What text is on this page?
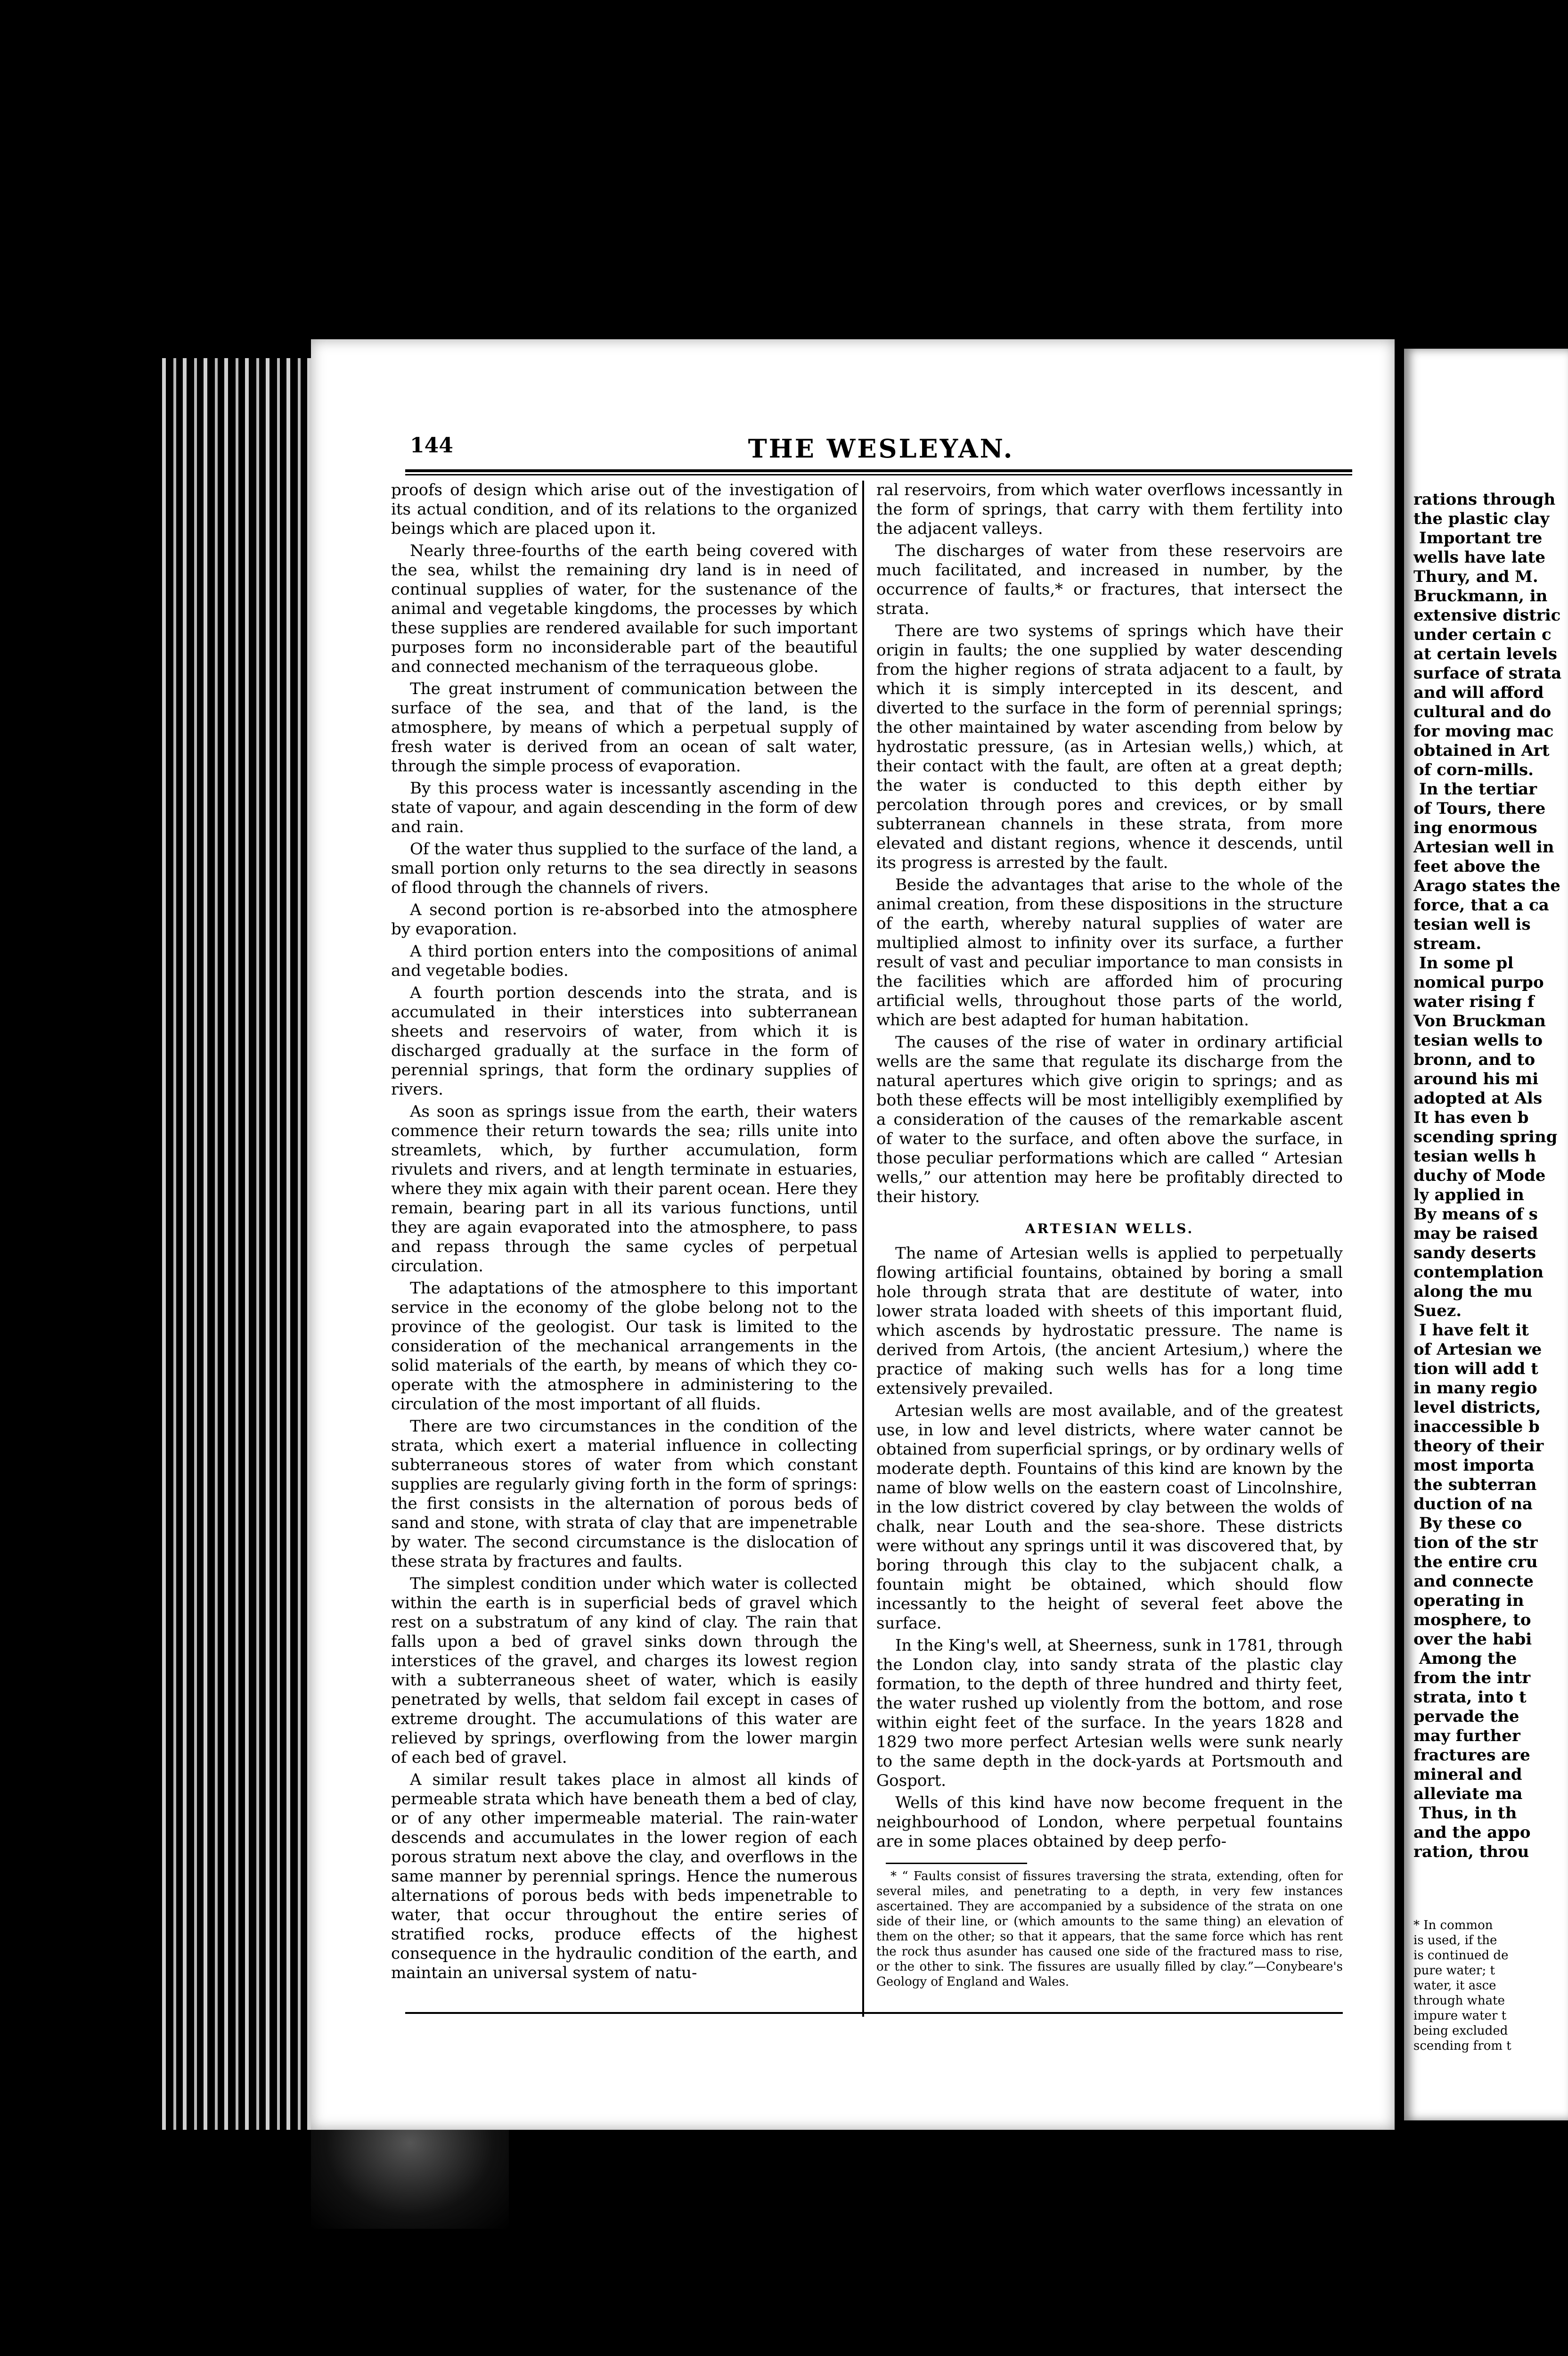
144	THE WESLEYAN.

proofs of design which arise out of the investigation of its actual condition, and of its relations to the organized beings which are placed upon it.

Nearly three-fourths of the earth being covered with the sea, whilst the remaining dry land is in need of continual supplies of water, for the sustenance of the animal and vegetable kingdoms, the processes by which these supplies are rendered available for such important purposes form no inconsiderable part of the beautiful and connected mechanism of the terraqueous globe.

The great instrument of communication between the surface of the sea, and that of the land, is the atmosphere, by means of which a perpetual supply of fresh water is derived from an ocean of salt water, through the simple process of evaporation.

By this process water is incessantly ascending in the state of vapour, and again descending in the form of dew and rain.

Of the water thus supplied to the surface of the land, a small portion only returns to the sea directly in seasons of flood through the channels of rivers.

A second portion is re-absorbed into the atmosphere by evaporation.

A third portion enters into the compositions of animal and vegetable bodies.

A fourth portion descends into the strata, and is accumulated in their interstices into subterranean sheets and reservoirs of water, from which it is discharged gradually at the surface in the form of perennial springs, that form the ordinary supplies of rivers.

As soon as springs issue from the earth, their waters commence their return towards the sea; rills unite into streamlets, which, by further accumulation, form rivulets and rivers, and at length terminate in estuaries, where they mix again with their parent ocean. Here they remain, bearing part in all its various functions, until they are again evaporated into the atmosphere, to pass and repass through the same cycles of perpetual circulation.

The adaptations of the atmosphere to this important service in the economy of the globe belong not to the province of the geologist. Our task is limited to the consideration of the mechanical arrangements in the solid materials of the earth, by means of which they co-operate with the atmosphere in administering to the circulation of the most important of all fluids.

There are two circumstances in the condition of the strata, which exert a material influence in collecting subterraneous stores of water from which constant supplies are regularly giving forth in the form of springs: the first consists in the alternation of porous beds of sand and stone, with strata of clay that are impenetrable by water. The second circumstance is the dislocation of these strata by fractures and faults.

The simplest condition under which water is collected within the earth is in superficial beds of gravel which rest on a substratum of any kind of clay. The rain that falls upon a bed of gravel sinks down through the interstices of the gravel, and charges its lowest region with a subterraneous sheet of water, which is easily penetrated by wells, that seldom fail except in cases of extreme drought. The accumulations of this water are relieved by springs, overflowing from the lower margin of each bed of gravel.

A similar result takes place in almost all kinds of permeable strata which have beneath them a bed of clay, or of any other impermeable material. The rain-water descends and accumulates in the lower region of each porous stratum next above the clay, and overflows in the same manner by perennial springs. Hence the numerous alternations of porous beds with beds impenetrable to water, that occur throughout the entire series of stratified rocks, produce effects of the highest consequence in the hydraulic condition of the earth, and maintain an universal system of natu-

ral reservoirs, from which water overflows incessantly in the form of springs, that carry with them fertility into the adjacent valleys.

The discharges of water from these reservoirs are much facilitated, and increased in number, by the occurrence of faults,* or fractures, that intersect the strata.

There are two systems of springs which have their origin in faults; the one supplied by water descending from the higher regions of strata adjacent to a fault, by which it is simply intercepted in its descent, and diverted to the surface in the form of perennial springs; the other maintained by water ascending from below by hydrostatic pressure, (as in Artesian wells,) which, at their contact with the fault, are often at a great depth; the water is conducted to this depth either by percolation through pores and crevices, or by small subterranean channels in these strata, from more elevated and distant regions, whence it descends, until its progress is arrested by the fault.

Beside the advantages that arise to the whole of the animal creation, from these dispositions in the structure of the earth, whereby natural supplies of water are multiplied almost to infinity over its surface, a further result of vast and peculiar importance to man consists in the facilities which are afforded him of procuring artificial wells, throughout those parts of the world, which are best adapted for human habitation.

The causes of the rise of water in ordinary artificial wells are the same that regulate its discharge from the natural apertures which give origin to springs; and as both these effects will be most intelligibly exemplified by a consideration of the causes of the remarkable ascent of water to the surface, and often above the surface, in those peculiar performations which are called “ Artesian wells,” our attention may here be profitably directed to their history.

ARTESIAN WELLS.

The name of Artesian wells is applied to perpetually flowing artificial fountains, obtained by boring a small hole through strata that are destitute of water, into lower strata loaded with sheets of this important fluid, which ascends by hydrostatic pressure. The name is derived from Artois, (the ancient Artesium,) where the practice of making such wells has for a long time extensively prevailed.

Artesian wells are most available, and of the greatest use, in low and level districts, where water cannot be obtained from superficial springs, or by ordinary wells of moderate depth. Fountains of this kind are known by the name of blow wells on the eastern coast of Lincolnshire, in the low district covered by clay between the wolds of chalk, near Louth and the sea-shore. These districts were without any springs until it was discovered that, by boring through this clay to the subjacent chalk, a fountain might be obtained, which should flow incessantly to the height of several feet above the surface.

In the King's well, at Sheerness, sunk in 1781, through the London clay, into sandy strata of the plastic clay formation, to the depth of three hundred and thirty feet, the water rushed up violently from the bottom, and rose within eight feet of the surface. In the years 1828 and 1829 two more perfect Artesian wells were sunk nearly to the same depth in the dock-yards at Portsmouth and Gosport.

Wells of this kind have now become frequent in the neighbourhood of London, where perpetual fountains are in some places obtained by deep perfo-

* “ Faults consist of fissures traversing the strata, extending, often for several miles, and penetrating to a depth, in very few instances ascertained. They are accompanied by a subsidence of the strata on one side of their line, or (which amounts to the same thing) an elevation of them on the other; so that it appears, that the same force which has rent the rock thus asunder has caused one side of the fractured mass to rise, or the other to sink. The fissures are usually filled by clay.”—Conybeare's Geology of England and Wales.
rations through
the plastic clay
Important tre
wells have late
Thury, and M.
Bruckmann, in
extensive distric
under certain c
at certain levels
surface of strata
and will afford
cultural and do
for moving mac
obtained in Art
of corn-mills.
In the tertiar
of Tours, there
ing enormous
Artesian well in
feet above the
Arago states the
force, that a ca
tesian well is
stream.
In some pl
nomical purpo
water rising f
Von Bruckman
tesian wells to
bronn, and to
around his mi
adopted at Als
It has even b
scending spring
tesian wells h
duchy of Mode
ly applied in
By means of s
may be raised
sandy deserts
contemplation
along the mu
Suez.
I have felt it
of Artesian we
tion will add t
in many regio
level districts,
inaccessible b
theory of their
most importa
the subterran
duction of na
By these co
tion of the str
the entire cru
and connecte
operating in
mosphere, to
over the habi
Among the
from the intr
strata, into t
pervade the
may further
fractures are
mineral and
alleviate ma
Thus, in th
and the appo
ration, throu
* In common
is used, if the
is continued de
pure water; t
water, it asce
through whate
impure water t
being excluded
scending from t
